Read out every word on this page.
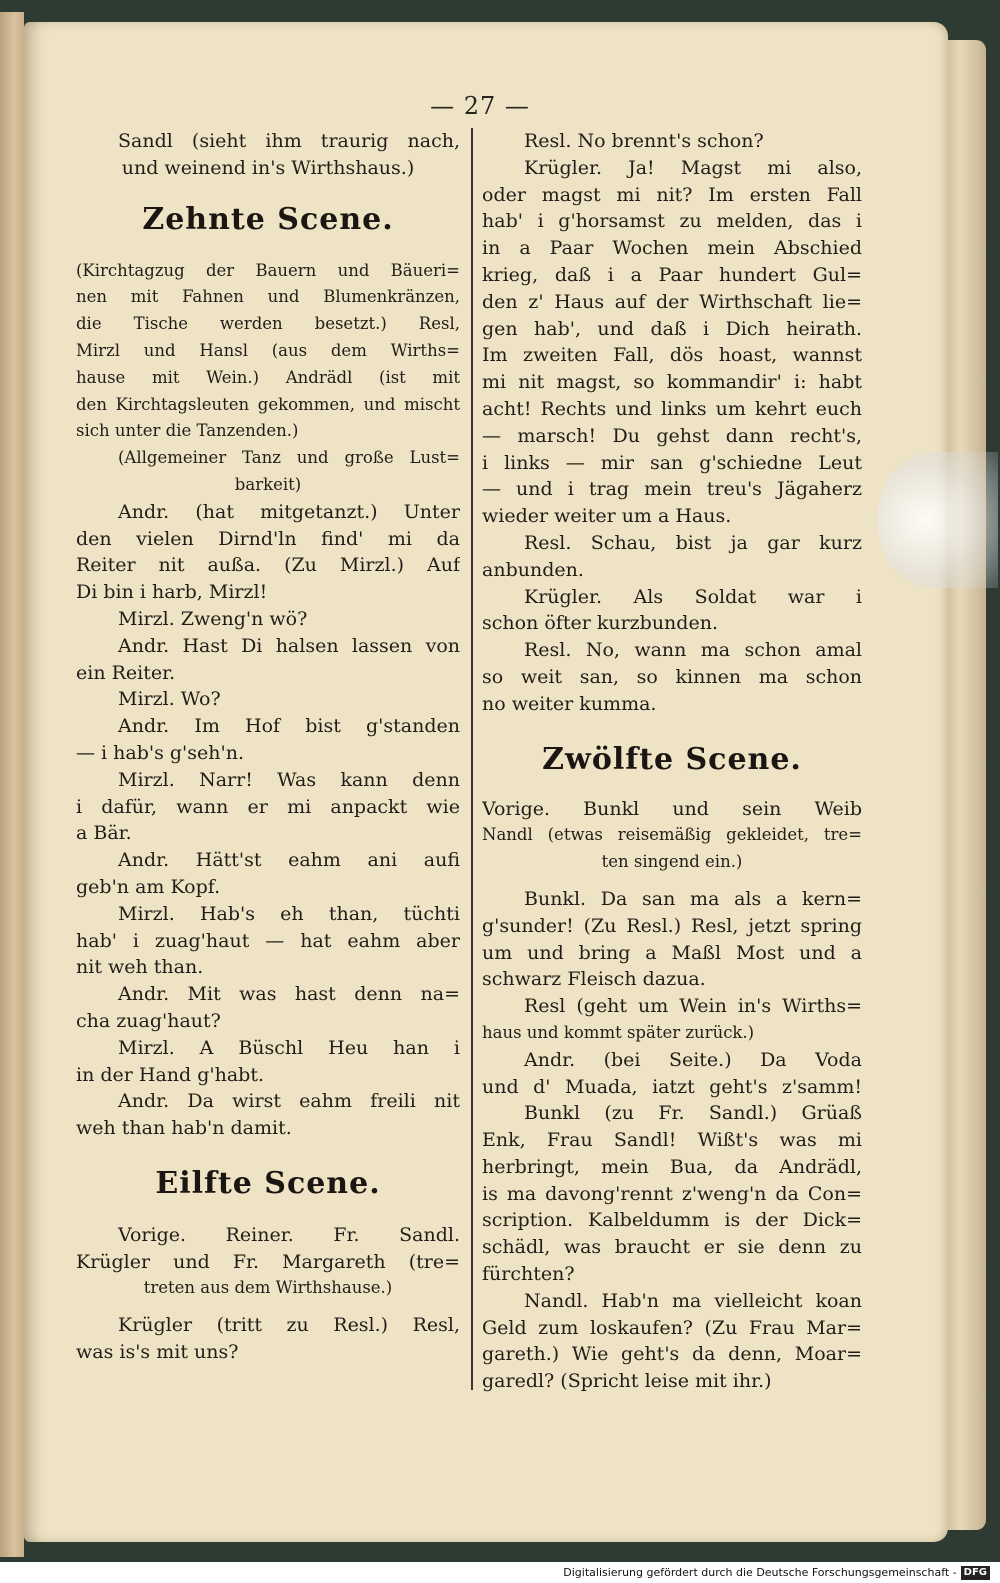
— 27 —
Sandl (sieht ihm traurig nach,
und weinend in's Wirthshaus.)
Zehnte Scene.
(Kirchtagzug der Bauern und Bäueri=
nen mit Fahnen und Blumenkränzen,
die Tische werden besetzt.) Resl,
Mirzl und Hansl (aus dem Wirths=
hause mit Wein.) Andrädl (ist mit
den Kirchtagsleuten gekommen, und mischt
sich unter die Tanzenden.)
(Allgemeiner Tanz und große Lust=
barkeit)
Andr. (hat mitgetanzt.) Unter
den vielen Dirnd'ln find' mi da
Reiter nit außa. (Zu Mirzl.) Auf
Di bin i harb, Mirzl!
Mirzl. Zweng'n wö?
Andr. Hast Di halsen lassen von
ein Reiter.
Mirzl. Wo?
Andr. Im Hof bist g'standen
— i hab's g'seh'n.
Mirzl. Narr! Was kann denn
i dafür, wann er mi anpackt wie
a Bär.
Andr. Hätt'st eahm ani aufi
geb'n am Kopf.
Mirzl. Hab's eh than, tüchti
hab' i zuag'haut — hat eahm aber
nit weh than.
Andr. Mit was hast denn na=
cha zuag'haut?
Mirzl. A Büschl Heu han i
in der Hand g'habt.
Andr. Da wirst eahm freili nit
weh than hab'n damit.
Eilfte Scene.
Vorige. Reiner. Fr. Sandl.
Krügler und Fr. Margareth (tre=
treten aus dem Wirthshause.)
Krügler (tritt zu Resl.) Resl,
was is's mit uns?
Resl. No brennt's schon?
Krügler. Ja! Magst mi also,
oder magst mi nit? Im ersten Fall
hab' i g'horsamst zu melden, das i
in a Paar Wochen mein Abschied
krieg, daß i a Paar hundert Gul=
den z' Haus auf der Wirthschaft lie=
gen hab', und daß i Dich heirath.
Im zweiten Fall, dös hoast, wannst
mi nit magst, so kommandir' i: habt
acht! Rechts und links um kehrt euch
— marsch! Du gehst dann recht's,
i links — mir san g'schiedne Leut
— und i trag mein treu's Jägaherz
wieder weiter um a Haus.
Resl. Schau, bist ja gar kurz
anbunden.
Krügler. Als Soldat war i
schon öfter kurzbunden.
Resl. No, wann ma schon amal
so weit san, so kinnen ma schon
no weiter kumma.
Zwölfte Scene.
Vorige. Bunkl und sein Weib
Nandl (etwas reisemäßig gekleidet, tre=
ten singend ein.)
Bunkl. Da san ma als a kern=
g'sunder! (Zu Resl.) Resl, jetzt spring
um und bring a Maßl Most und a
schwarz Fleisch dazua.
Resl (geht um Wein in's Wirths=
haus und kommt später zurück.)
Andr. (bei Seite.) Da Voda
und d' Muada, iatzt geht's z'samm!
Bunkl (zu Fr. Sandl.) Grüaß
Enk, Frau Sandl! Wißt's was mi
herbringt, mein Bua, da Andrädl,
is ma davong'rennt z'weng'n da Con=
scription. Kalbeldumm is der Dick=
schädl, was braucht er sie denn zu
fürchten?
Nandl. Hab'n ma vielleicht koan
Geld zum loskaufen? (Zu Frau Mar=
gareth.) Wie geht's da denn, Moar=
garedl? (Spricht leise mit ihr.)
Digitalisierung gefördert durch die Deutsche Forschungsgemeinschaft - DFG
